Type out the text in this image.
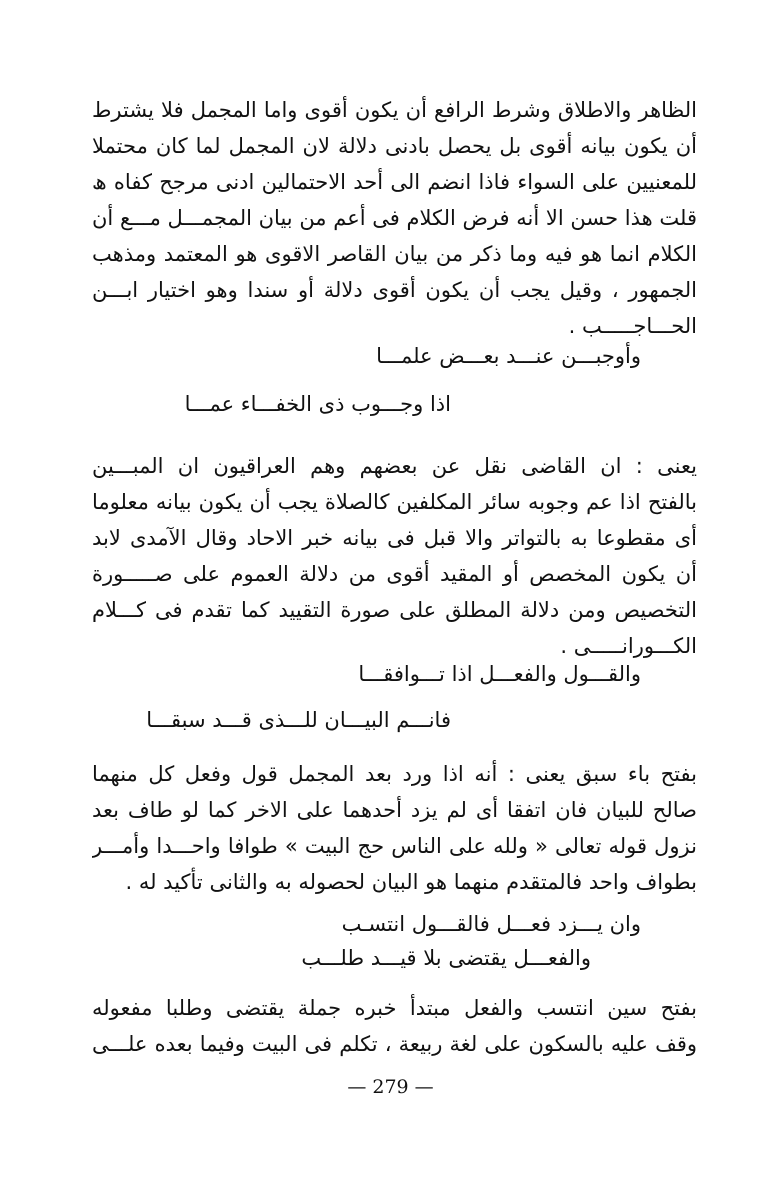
الظاهر والاطلاق وشرط الرافع أن يكون أقوى واما المجمل فلا يشترط
أن يكون بيانه أقوى بل يحصل بادنى دلالة لان المجمل لما كان محتملا
للمعنيين على السواء فاذا انضم الى أحد الاحتمالين ادنى مرجح كفاه ھ
قلت هذا حسن الا أنه فرض الكلام فى أعم من بيان المجمـــل مـــع أن
الكلام انما هو فيه وما ذكر من بيان القاصر الاقوى هو المعتمد ومذهب
الجمهور ، وقيل يجب أن يكون أقوى دلالة أو سندا وهو اختيار ابـــن
الحـــاجـــــب .
وأوجبـــن عنـــد بعـــض علمـــا
اذا وجـــوب ذى الخفـــاء عمـــا
يعنى : ان القاضى نقل عن بعضهم وهم العراقيون ان المبـــين
بالفتح اذا عم وجوبه سائر المكلفين كالصلاة يجب أن يكون بيانه معلوما
أى مقطوعا به بالتواتر والا قبل فى بيانه خبر الاحاد وقال الآمدى لابد
أن يكون المخصص أو المقيد أقوى من دلالة العموم على صـــــورة
التخصيص ومن دلالة المطلق على صورة التقييد كما تقدم فى كـــلام
الكـــورانـــــى .
والقـــول والفعـــل اذا تـــوافقـــا
فانـــم البيـــان للـــذى قـــد سبقـــا
بفتح باء سبق يعنى : أنه اذا ورد بعد المجمل قول وفعل كل منهما
صالح للبيان فان اتفقا أى لم يزد أحدهما على الاخر كما لو طاف بعد
نزول قوله تعالى « ولله على الناس حج البيت » طوافا واحـــدا وأمـــر
بطواف واحد فالمتقدم منهما هو البيان لحصوله به والثانى تأكيد له .
وان يـــزد فعـــل فالقـــول انتسـب
والفعـــل يقتضى بلا قيـــد طلـــب
بفتح سين انتسب والفعل مبتدأ خبره جملة يقتضى وطلبا مفعوله
وقف عليه بالسكون على لغة ربيعة ، تكلم فى البيت وفيما بعده علـــى
— 279 —
